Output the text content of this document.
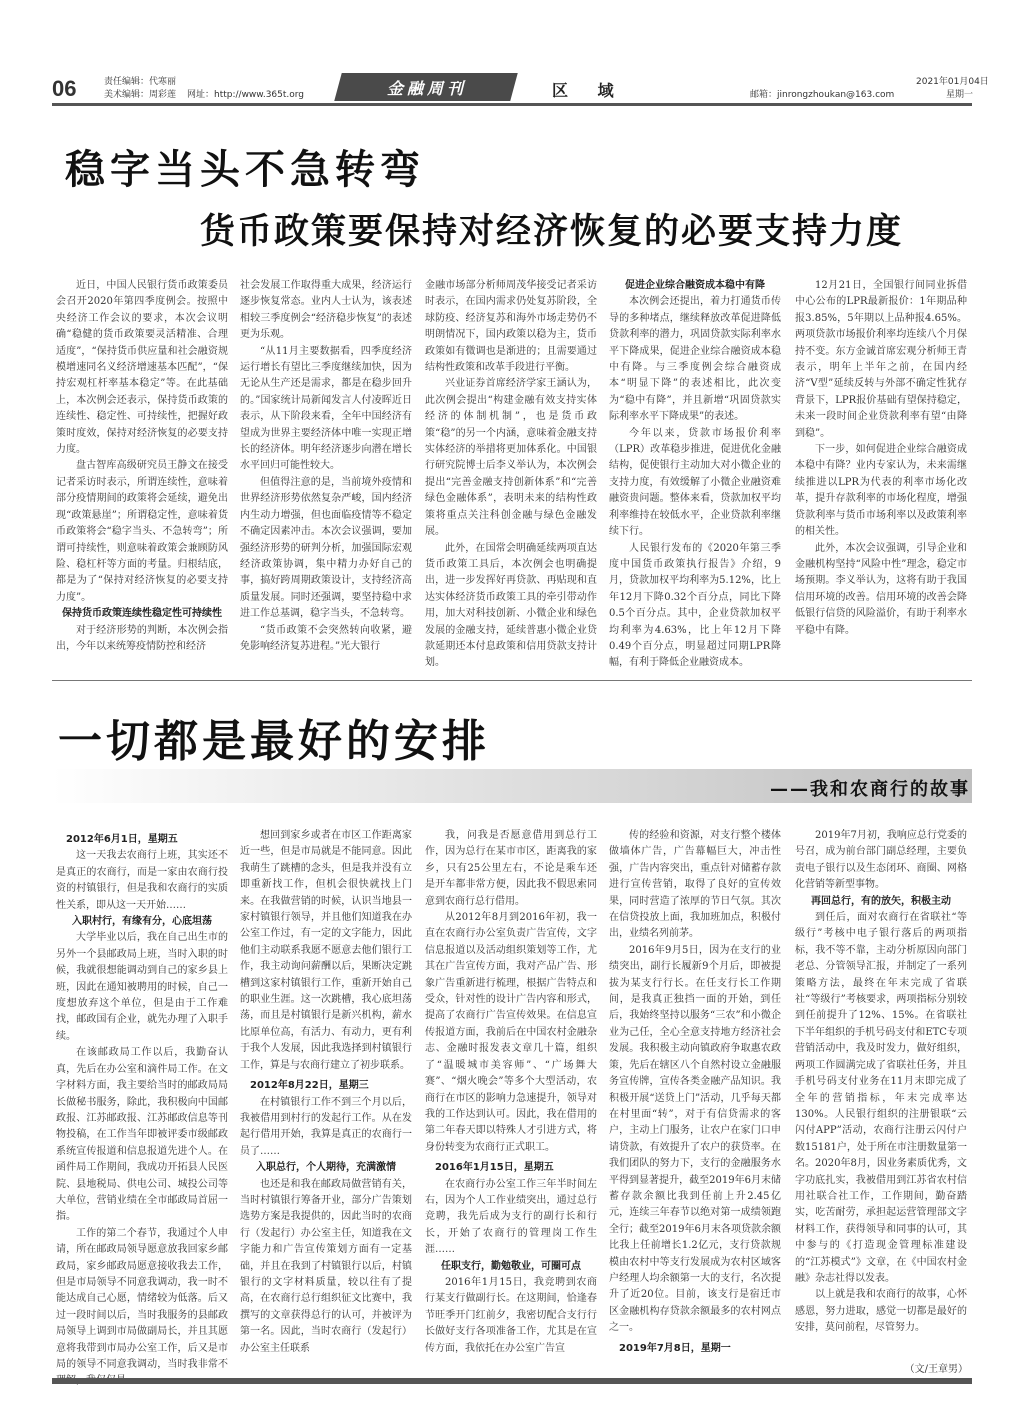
06	责任编辑：代寒丽
美术编辑：周彩莲 网址：http://www.365t.org	金融周刊	区 域	邮箱：jinrongzhoukan@163.com
2021年01月04日
星期一
稳字当头不急转弯
货币政策要保持对经济恢复的必要支持力度

近日，中国人民银行货币政策委员会召开2020年第四季度例会。按照中央经济工作会议的要求，本次会议明确“稳健的货币政策要灵活精准、合理适度”，“保持货币供应量和社会融资规模增速同名义经济增速基本匹配”，“保持宏观杠杆率基本稳定”等。在此基础上，本次例会还表示，保持货币政策的连续性、稳定性、可持续性，把握好政策时度效，保持对经济恢复的必要支持力度。

盘古智库高级研究员王静文在接受记者采访时表示，所谓连续性，意味着部分疫情期间的政策将会延续，避免出现“政策悬崖”；所谓稳定性，意味着货币政策将会“稳字当头、不急转弯”；所谓可持续性，则意味着政策会兼顾防风险、稳杠杆等方面的考量。归根结底，都是为了“保持对经济恢复的必要支持力度”。

保持货币政策连续性稳定性可持续性

对于经济形势的判断，本次例会指出，今年以来统筹疫情防控和经济

社会发展工作取得重大成果，经济运行逐步恢复常态。业内人士认为，该表述相较三季度例会“经济稳步恢复”的表述更为乐观。

“从11月主要数据看，四季度经济运行增长有望比三季度继续加快，因为无论从生产还是需求，都是在稳步回升的。”国家统计局新闻发言人付凌晖近日表示，从下阶段来看，全年中国经济有望成为世界主要经济体中唯一实现正增长的经济体。明年经济逐步向潜在增长水平回归可能性较大。

但值得注意的是，当前境外疫情和世界经济形势依然复杂严峻，国内经济内生动力增强，但也面临疫情等不稳定不确定因素冲击。本次会议强调，要加强经济形势的研判分析，加强国际宏观经济政策协调，集中精力办好自己的事，搞好跨周期政策设计，支持经济高质量发展。同时还强调，要坚持稳中求进工作总基调，稳字当头，不急转弯。

“货币政策不会突然转向收紧，避免影响经济复苏进程。”光大银行

金融市场部分析师周茂华接受记者采访时表示，在国内需求仍处复苏阶段，全球防疫、经济复苏和海外市场走势仍不明朗情况下，国内政策以稳为主，货币政策如有微调也是渐进的；且需要通过结构性政策和改革手段进行平衡。

兴业证券首席经济学家王涵认为，此次例会提出“构建金融有效支持实体经济的体制机制”，也是货币政策“稳”的另一个内涵，意味着金融支持实体经济的举措将更加体系化。中国银行研究院博士后李义举认为，本次例会提出“完善金融支持创新体系”和“完善绿色金融体系”，表明未来的结构性政策将重点关注科创金融与绿色金融发展。

此外，在国常会明确延续两项直达货币政策工具后，本次例会也明确提出，进一步发挥好再贷款、再贴现和直达实体经济货币政策工具的牵引带动作用，加大对科技创新、小微企业和绿色发展的金融支持，延续普惠小微企业贷款延期还本付息政策和信用贷款支持计划。

促进企业综合融资成本稳中有降

本次例会还提出，着力打通货币传导的多种堵点，继续释放改革促进降低贷款利率的潜力，巩固贷款实际利率水平下降成果，促进企业综合融资成本稳中有降。与三季度例会综合融资成本“明显下降”的表述相比，此次变为“稳中有降”，并且新增“巩固贷款实际利率水平下降成果”的表述。

今年以来，贷款市场报价利率（LPR）改革稳步推进，促进优化金融结构，促使银行主动加大对小微企业的支持力度，有效缓解了小微企业融资难融资贵问题。整体来看，贷款加权平均利率维持在较低水平，企业贷款利率继续下行。

人民银行发布的《2020年第三季度中国货币政策执行报告》介绍，9月，贷款加权平均利率为5.12%，比上年12月下降0.32个百分点，同比下降0.5个百分点。其中，企业贷款加权平均利率为4.63%，比上年12月下降0.49个百分点，明显超过同期LPR降幅，有利于降低企业融资成本。

12月21日，全国银行间同业拆借中心公布的LPR最新报价：1年期品种报3.85%，5年期以上品种报4.65%。两项贷款市场报价利率均连续八个月保持不变。东方金诚首席宏观分析师王青表示，明年上半年之前，在国内经济“V型”延续反转与外部不确定性犹存背景下，LPR报价基础有望保持稳定，未来一段时间企业贷款利率有望“由降到稳”。

下一步，如何促进企业综合融资成本稳中有降？业内专家认为，未来需继续推进以LPR为代表的利率市场化改革，提升存款利率的市场化程度，增强贷款利率与货币市场利率以及政策利率的相关性。

此外，本次会议强调，引导企业和金融机构坚持“风险中性”理念，稳定市场预期。李义举认为，这将有助于我国信用环境的改善。信用环境的改善会降低银行信贷的风险溢价，有助于利率水平稳中有降。

一切都是最好的安排
——我和农商行的故事

2012年6月1日，星期五

这一天我去农商行上班，其实还不是真正的农商行，而是一家由农商行投资的村镇银行，但是我和农商行的实质性关系，即从这一天开始……

入职村行，有缘有分，心底坦荡

大学毕业以后，我在自己出生市的另外一个县邮政局上班，当时入职的时候，我就很想能调动到自己的家乡县上班，因此在通知被聘用的时候，自己一度想放弃这个单位，但是由于工作难找，邮政国有企业，就先办理了入职手续。

在该邮政局工作以后，我勤奋认真，先后在办公室和滴件局工作。在文字材料方面，我主要给当时的邮政局局长做秘书服务，除此，我积极向中国邮政报、江苏邮政报、江苏邮政信息等刊物投稿，在工作当年即被评委市级邮政系统宣传报道和信息报道先进个人。在函件局工作期间，我成功开拓县人民医院、县地税局、供电公司、城投公司等大单位，营销业绩在全市邮政局首屈一指。

工作的第二个春节，我通过个人申请，所在邮政局领导愿意放我回家乡邮政局，家乡邮政局愿意接收我去工作，但是市局领导不同意我调动，我一时不能达成自己心愿，情绪较为低落。后又过一段时间以后，当时我服务的县邮政局领导上调到市局做副局长，并且其愿意将我带到市局办公室工作，后又是市局的领导不同意我调动，当时我非常不

想回到家乡或者在市区工作距离家近一些，但是市局就是不能同意。因此我萌生了跳槽的念头，但是我并没有立即重新找工作，但机会很快就找上门来。在我做营销的时候，认识当地县一家村镇银行领导，并且他们知道我在办公室工作过，有一定的文字能力，因此他们主动联系我愿不愿意去他们银行工作，我主动询问薪酬以后，果断决定跳槽到这家村镇银行工作，重新开始自己的职业生涯。这一次跳槽，我心底坦荡荡，而且是村镇银行是新兴机构，薪水比原单位高，有活力、有动力，更有利于我个人发展，因此我选择到村镇银行工作，算是与农商行建立了初步联系。

2012年8月22日，星期三

在村镇银行工作不到三个月以后，我被借用到村行的发起行工作。从在发起行借用开始，我算是真正的农商行一员了……

入职总行，个人期待，充满激情

也还是和我在邮政局做营销有关，当时村镇银行筹备开业，部分广告策划选势方案是我提供的，因此当时的农商行（发起行）办公室主任，知道我在文字能力和广告宣传策划方面有一定基础，并且在我到了村镇银行以后，村镇银行的文字材料质量，较以往有了提高，在农商行总行组织征文比赛中，我撰写的文章获得总行的认可，并被评为第一名。因此，当时农商行（发起行）办公室主任联系

我，问我是否愿意借用到总行工作，因为总行在某市市区，距离我的家乡，只有25公里左右，不论是乘车还是开车都非常方便，因此我不假思索同意到农商行总行借用。

从2012年8月到2016年初，我一直在农商行办公室负责广告宣传，文字信息报道以及活动组织策划等工作，尤其在广告宣传方面，我对产品广告、形象广告重新进行梳理，根据广告特点和受众，针对性的设计广告内容和形式，提高了农商行广告宣传效果。在信息宣传报道方面，我前后在中国农村金融杂志、金融时报发表文章几十篇，组织了“温暖城市美容师”、“广场舞大赛”、“烟火晚会”等多个大型活动，农商行在市区的影响力急速提升，领导对我的工作达到认可。因此，我在借用的第二年春天即以特殊人才引进方式，将身份转变为农商行正式职工。

2016年1月15日，星期五

在农商行办公室工作三年半时间左右，因为个人工作业绩突出，通过总行竞聘，我先后成为支行的副行长和行长，开始了农商行的管理岗工作生涯……

任职支行，勤勉敬业，可圈可点

2016年1月15日，我竞聘到农商行某支行做副行长。在这期间，恰逢春节旺季开门红前夕，我密切配合支行行长做好支行各项准备工作，尤其是在宣传方面，我依托在办公室广告宣

传的经验和资源，对支行整个楼体做墙体广告，广告幕幅巨大，冲击性强，广告内容突出，重点针对储蓄存款进行宣传营销，取得了良好的宣传效果，同时营造了浓厚的节日气氛。其次在信贷投放上面，我加班加点，积极付出，业绩名列前茅。

2016年9月5日，因为在支行的业绩突出，副行长履新9个月后，即被提拔为某支行行长。在任支行长工作期间，是我真正独挡一面的开始，到任后，我始终坚持以服务“三农”和小微企业为己任，全心全意支持地方经济社会发展。我积极主动向镇政府争取惠农政策，先后在辖区八个自然村设立金融服务宣传牌，宣传各类金融产品知识。我积极开展“送贷上门”活动，几乎每天都在村里面“转”，对于有信贷需求的客户，主动上门服务，让农户在家门口申请贷款，有效提升了农户的获贷率。在我们团队的努力下，支行的金融服务水平得到显著提升，截至2019年6月末储蓄存款余额比我到任前上升2.45亿元，连续三年春节以绝对第一成绩领跑全行；截至2019年6月末各项贷款余额比我上任前增长1.2亿元，支行贷款规模由农村中等支行发展成为农村区域客户经理人均余额第一大的支行，名次提升了近20位。目前，该支行是宿迁市区金融机构存贷款余额最多的农村网点之一。

2019年7月8日，星期一

2019年7月初，我响应总行党委的号召，成为前台部门副总经理，主要负责电子银行以及生态闭环、商圈、网格化营销等新型事物。

再回总行，有的放矢，积极主动

到任后，面对农商行在省联社“等级行”考核中电子银行落后的两项指标，我不等不靠，主动分析原因向部门老总、分管领导汇报，并制定了一系列策略方法，最终在年末完成了省联社“等级行”考核要求，两项指标分别较到任前提升了12%、15%。在省联社下半年组织的手机号码支付和ETC专项营销活动中，我及时发力，做好组织，两项工作圆满完成了省联社任务，并且手机号码支付业务在11月末即完成了全年的营销指标，年末完成率达130%。人民银行组织的注册银联“云闪付APP”活动，农商行注册云闪付户数15181户，处于所在市注册数量第一名。2020年8月，因业务素质优秀，文字功底扎实，我被借用到江苏省农村信用社联合社工作，工作期间，勤奋踏实，吃苦耐劳，承担起运营管理部文字材料工作，获得领导和同事的认可，其中参与的《打造现金管理标准建设的“江苏模式”》文章，在《中国农村金融》杂志社得以发表。

以上就是我和农商行的故事，心怀感恩，努力进取，感觉一切都是最好的安排，莫问前程，尽管努力。

（文/王章男）
